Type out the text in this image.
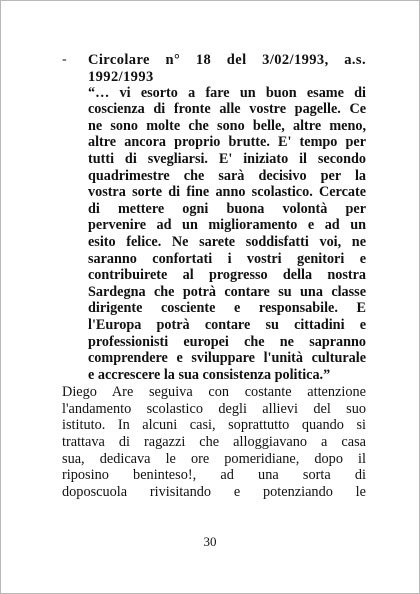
- Circolare n° 18 del 3/02/1993, a.s.
1992/1993
“… vi esorto a fare un buon esame di
coscienza di fronte alle vostre pagelle. Ce
ne sono molte che sono belle, altre meno,
altre ancora proprio brutte. E' tempo per
tutti di svegliarsi. E' iniziato il secondo
quadrimestre che sarà decisivo per la
vostra sorte di fine anno scolastico. Cercate
di mettere ogni buona volontà per
pervenire ad un miglioramento e ad un
esito felice. Ne sarete soddisfatti voi, ne
saranno confortati i vostri genitori e
contribuirete al progresso della nostra
Sardegna che potrà contare su una classe
dirigente cosciente e responsabile. E
l'Europa potrà contare su cittadini e
professionisti europei che ne sapranno
comprendere e sviluppare l'unità culturale
e accrescere la sua consistenza politica.”
Diego Are seguiva con costante attenzione
l'andamento scolastico degli allievi del suo
istituto. In alcuni casi, soprattutto quando si
trattava di ragazzi che alloggiavano a casa
sua, dedicava le ore pomeridiane, dopo il
riposino beninteso!, ad una sorta di
doposcuola rivisitando e potenziando le
30
